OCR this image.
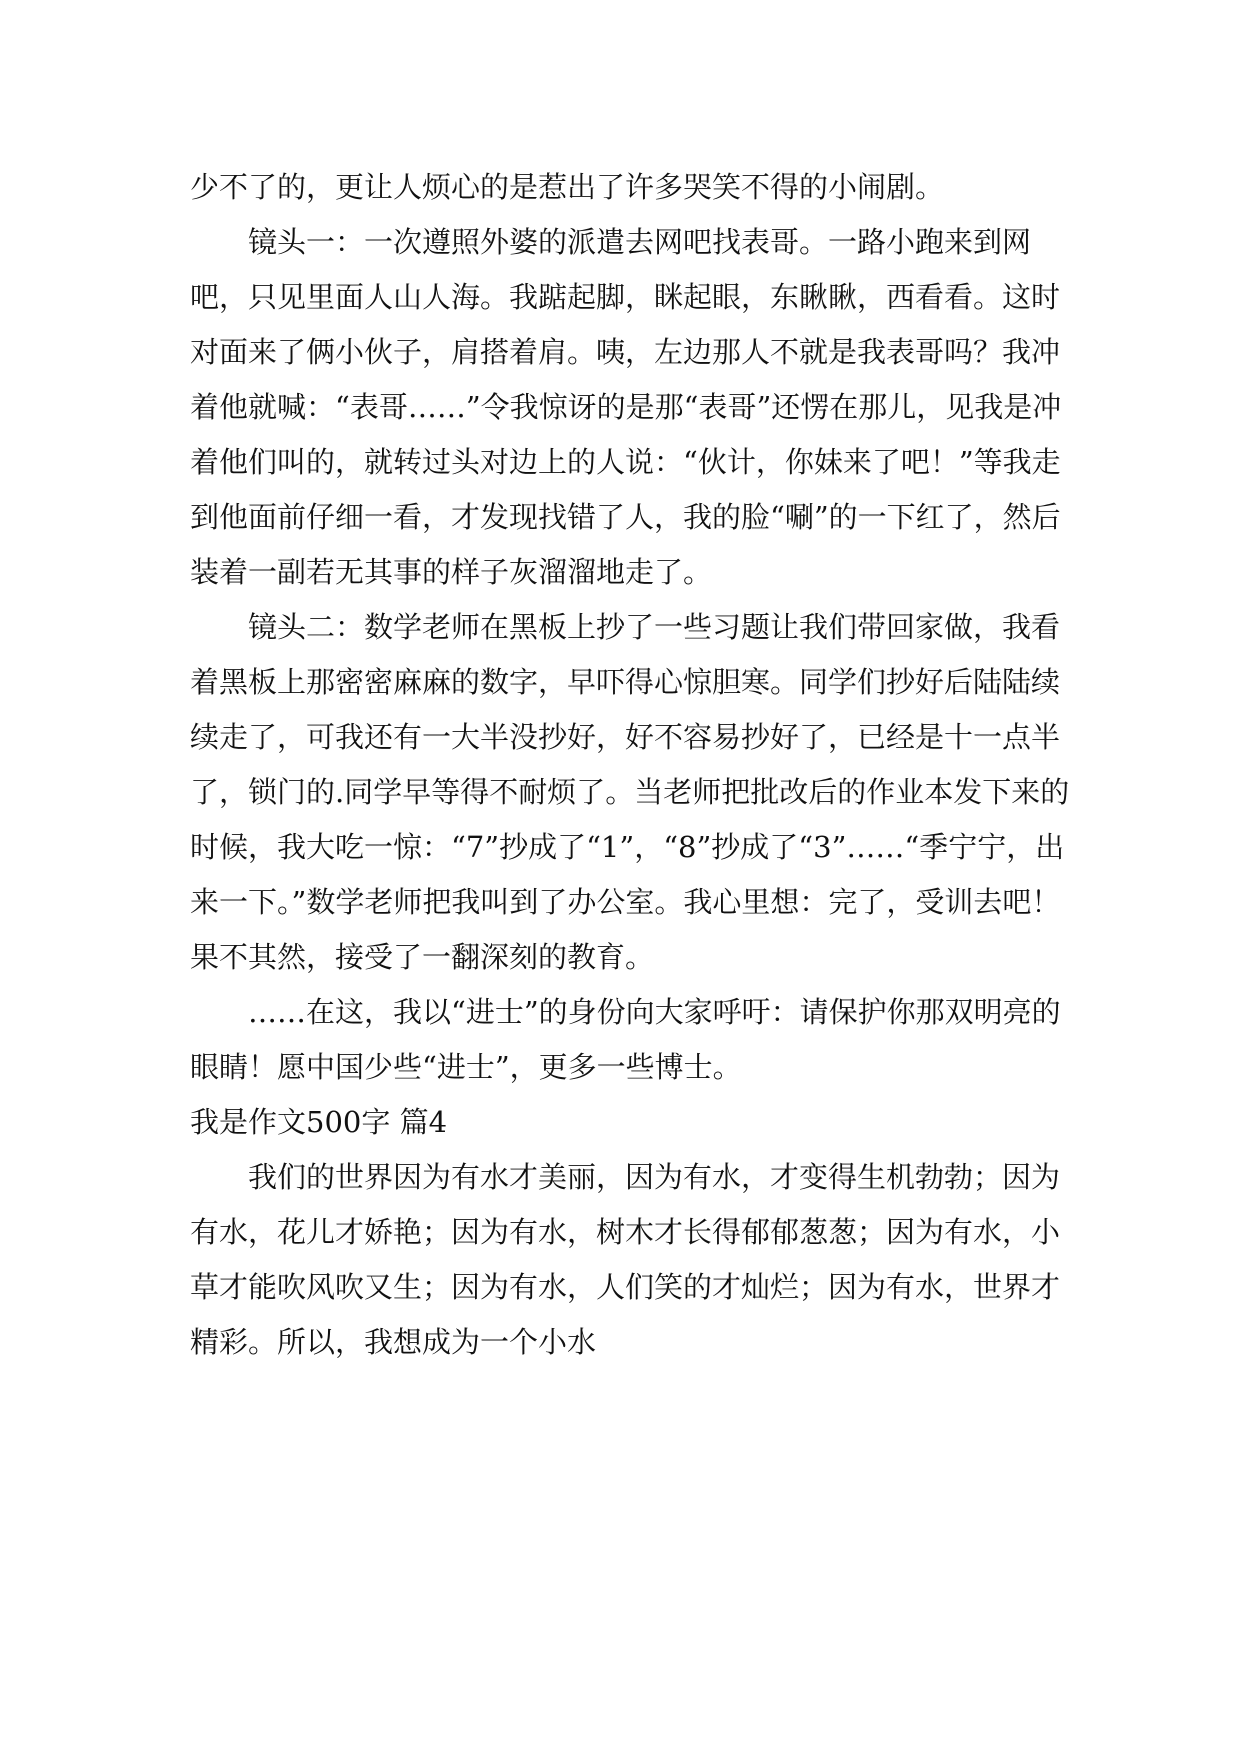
少不了的，更让人烦心的是惹出了许多哭笑不得的小闹剧。

镜头一：一次遵照外婆的派遣去网吧找表哥。一路小跑来到网吧，只见里面人山人海。我踮起脚，眯起眼，东瞅瞅，西看看。这时对面来了俩小伙子，肩搭着肩。咦，左边那人不就是我表哥吗？我冲着他就喊：“表哥……”令我惊讶的是那“表哥”还愣在那儿，见我是冲着他们叫的，就转过头对边上的人说：“伙计，你妹来了吧！”等我走到他面前仔细一看，才发现找错了人，我的脸“唰”的一下红了，然后装着一副若无其事的样子灰溜溜地走了。

镜头二：数学老师在黑板上抄了一些习题让我们带回家做，我看着黑板上那密密麻麻的数字，早吓得心惊胆寒。同学们抄好后陆陆续续走了，可我还有一大半没抄好，好不容易抄好了，已经是十一点半了，锁门的.同学早等得不耐烦了。当老师把批改后的作业本发下来的时候，我大吃一惊：“7”抄成了“1”，“8”抄成了“3”……“季宁宁，出来一下。”数学老师把我叫到了办公室。我心里想：完了，受训去吧！果不其然，接受了一翻深刻的教育。

……在这，我以“进士”的身份向大家呼吁：请保护你那双明亮的眼睛！愿中国少些“进士”，更多一些博士。

我是作文500字 篇4

我们的世界因为有水才美丽，因为有水，才变得生机勃勃；因为有水，花儿才娇艳；因为有水，树木才长得郁郁葱葱；因为有水，小草才能吹风吹又生；因为有水，人们笑的才灿烂；因为有水，世界才精彩。所以，我想成为一个小水
